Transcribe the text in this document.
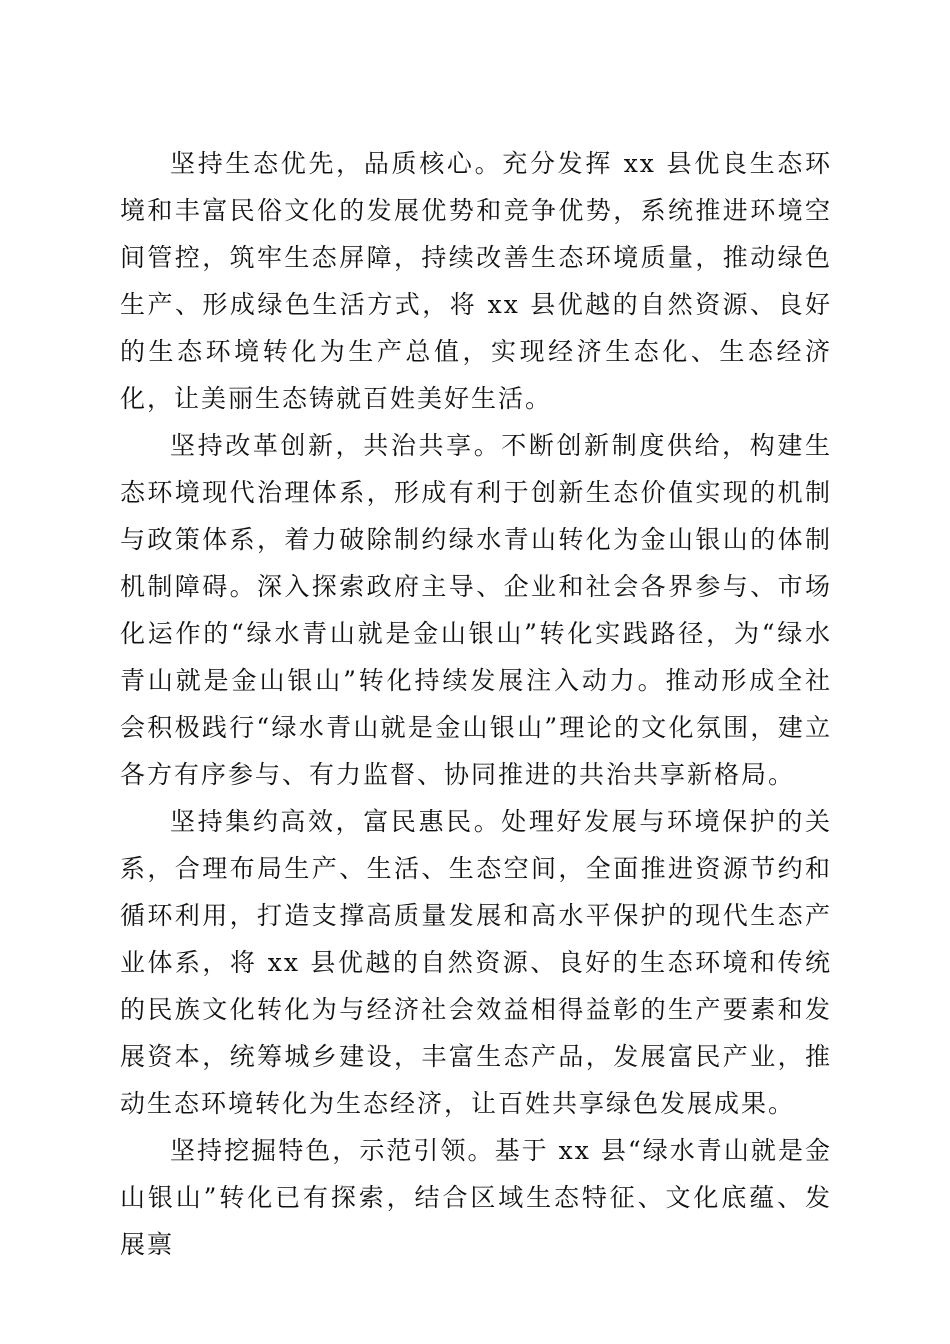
坚持生态优先，品质核心。充分发挥 xx 县优良生态环境和丰富民俗文化的发展优势和竞争优势，系统推进环境空间管控，筑牢生态屏障，持续改善生态环境质量，推动绿色生产、形成绿色生活方式，将 xx 县优越的自然资源、良好的生态环境转化为生产总值，实现经济生态化、生态经济化，让美丽生态铸就百姓美好生活。

坚持改革创新，共治共享。不断创新制度供给，构建生态环境现代治理体系，形成有利于创新生态价值实现的机制与政策体系，着力破除制约绿水青山转化为金山银山的体制机制障碍。深入探索政府主导、企业和社会各界参与、市场化运作的“绿水青山就是金山银山”转化实践路径，为“绿水青山就是金山银山”转化持续发展注入动力。推动形成全社会积极践行“绿水青山就是金山银山”理论的文化氛围，建立各方有序参与、有力监督、协同推进的共治共享新格局。

坚持集约高效，富民惠民。处理好发展与环境保护的关系，合理布局生产、生活、生态空间，全面推进资源节约和循环利用，打造支撑高质量发展和高水平保护的现代生态产业体系，将 xx 县优越的自然资源、良好的生态环境和传统的民族文化转化为与经济社会效益相得益彰的生产要素和发展资本，统筹城乡建设，丰富生态产品，发展富民产业，推动生态环境转化为生态经济，让百姓共享绿色发展成果。

坚持挖掘特色，示范引领。基于 xx 县“绿水青山就是金山银山”转化已有探索，结合区域生态特征、文化底蕴、发展禀
